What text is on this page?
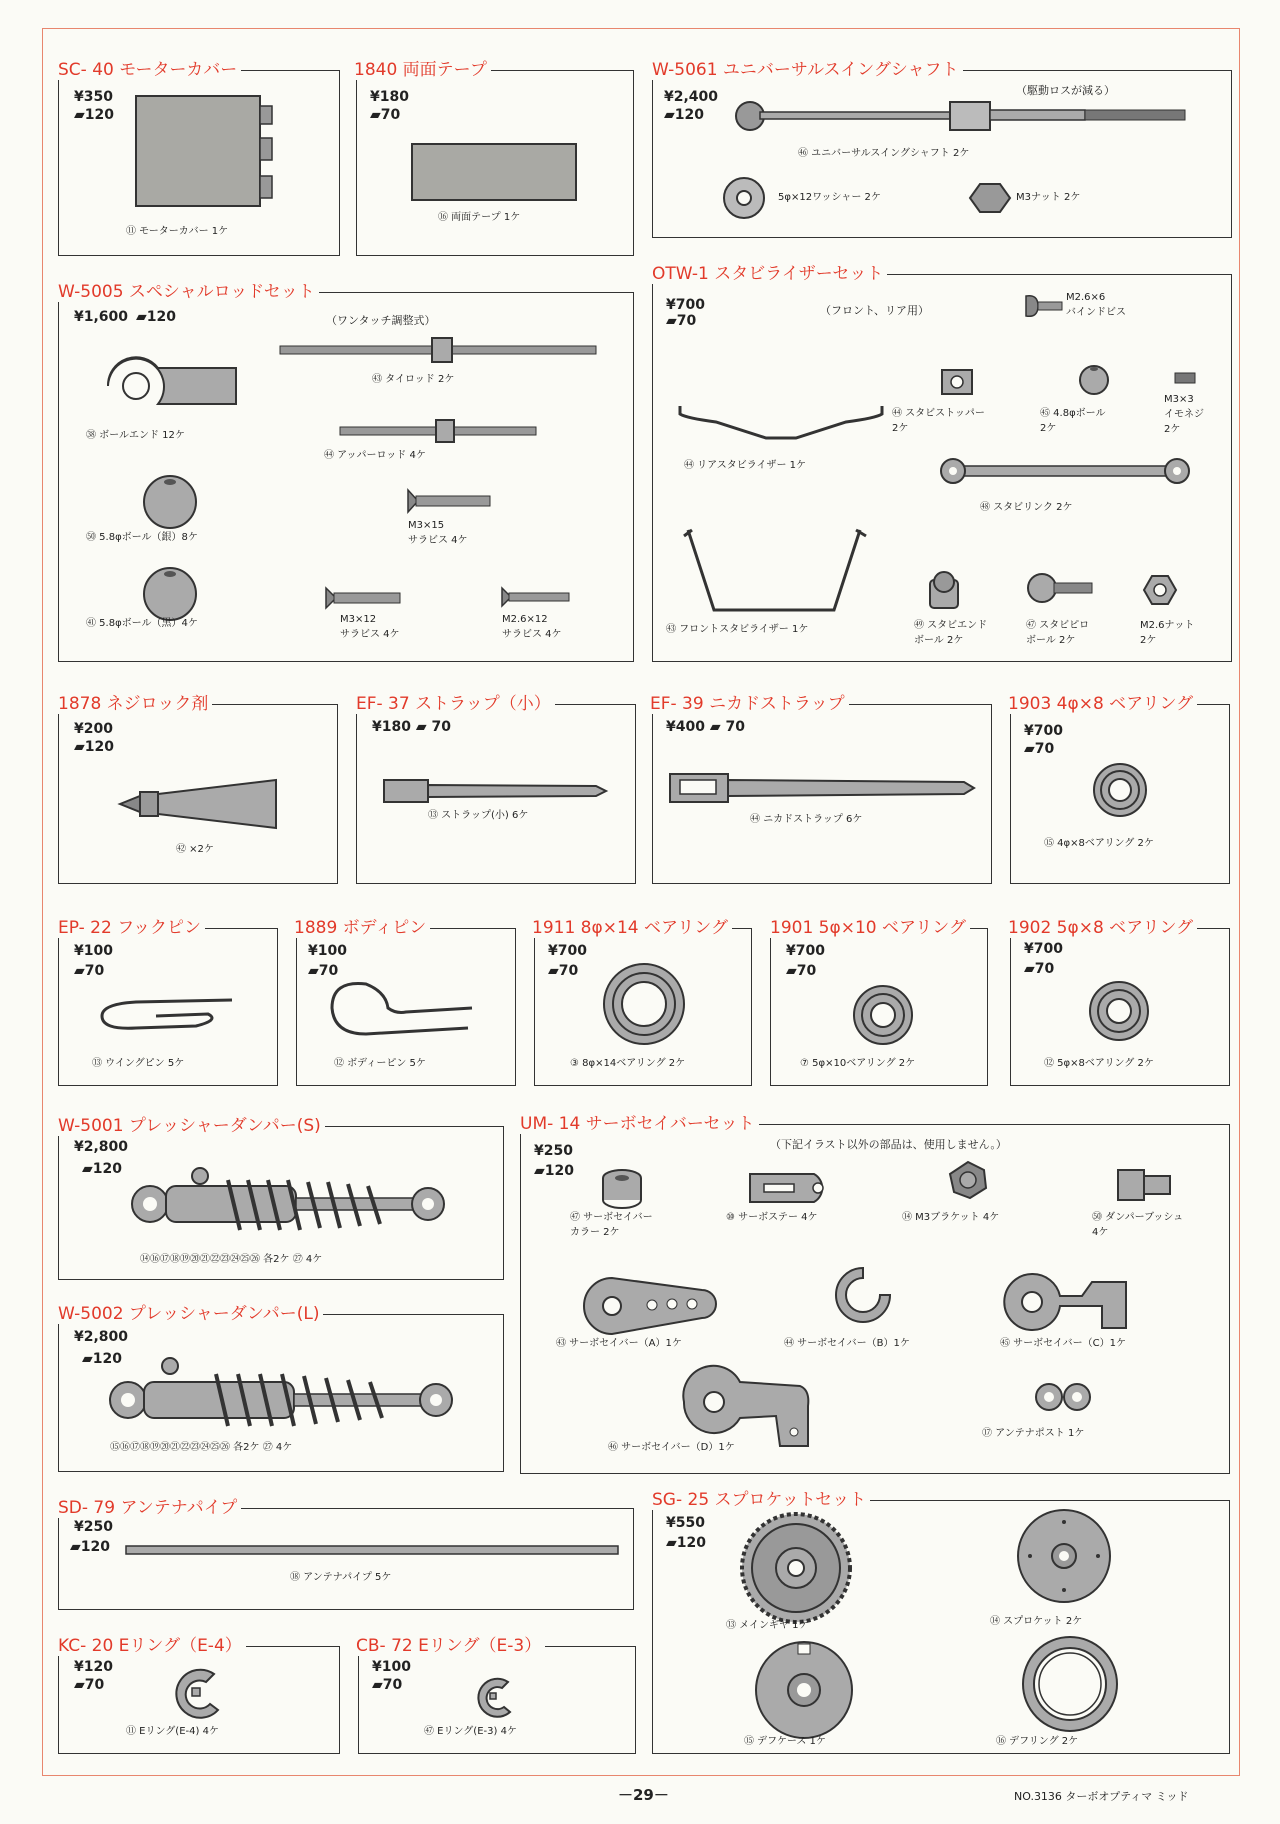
SC- 40 モーターカバー
¥350
▰120
⑪ モーターカバー 1ケ
1840 両面テープ
¥180
▰70
⑯ 両面テープ 1ケ
W-5061 ユニバーサルスイングシャフト
¥2,400
▰120
（駆動ロスが減る）
㊻ ユニバーサルスイングシャフト 2ケ
5φ×12ワッシャー 2ケ	M3ナット 2ケ
W-5005 スペシャルロッドセット
¥1,600 ▰120	（ワンタッチ調整式）
㊸ タイロッド 2ケ
㊹ アッパーロッド 4ケ
㊳ ボールエンド 12ケ
M3×15
サラビス 4ケ
㊿ 5.8φボール（銀）8ケ
㊶ 5.8φボール（黒）4ケ	M3×12
サラビス 4ケ
M2.6×12
サラビス 4ケ
OTW-1 スタビライザーセット
¥700
▰70
（フロント、リア用）
M2.6×6
バインドビス
㊹ スタビストッパー
2ケ
㊺ 4.8φボール
2ケ
M3×3
イモネジ
2ケ
㊹ リアスタビライザー 1ケ
㊽ スタビリンク 2ケ
㊸ フロントスタビライザー 1ケ	㊾ スタビエンド
ボール 2ケ
㊼ スタビピロ
ボール 2ケ
M2.6ナット
2ケ
1878 ネジロック剤
¥200
▰120
㊷ ×2ケ
EF- 37 ストラップ（小）
¥180 ▰ 70
⑬ ストラップ(小) 6ケ
EF- 39 ニカドストラップ
¥400 ▰ 70
㊹ ニカドストラップ 6ケ
1903 4φ×8 ベアリング
¥700
▰70
⑮ 4φ×8ベアリング 2ケ
EP- 22 フックピン
¥100
▰70
⑬ ウイングピン 5ケ
1889 ボディピン
¥100
▰70
⑫ ボディーピン 5ケ
1911 8φ×14 ベアリング
¥700
▰70
③ 8φ×14ベアリング 2ケ
1901 5φ×10 ベアリング
¥700
▰70
⑦ 5φ×10ベアリング 2ケ
1902 5φ×8 ベアリング
¥700
▰70
⑫ 5φ×8ベアリング 2ケ
W-5001 プレッシャーダンパー(S)
¥2,800
▰120
⑭⑯⑰⑱⑲⑳㉑㉒㉓㉔㉕㉖ 各2ケ ㉗ 4ケ
W-5002 プレッシャーダンパー(L)
¥2,800
▰120
⑮⑯⑰⑱⑲⑳㉑㉒㉓㉔㉕㉖ 各2ケ ㉗ 4ケ
UM- 14 サーボセイバーセット
¥250
▰120
（下記イラスト以外の部品は、使用しません。）
㊼ サーボセイバー
カラー 2ケ
⑩ サーボステー 4ケ	⑭ M3ブラケット 4ケ	㊿ ダンパーブッシュ
4ケ
㊸ サーボセイバー（A）1ケ	㊹ サーボセイバー（B）1ケ	㊺ サーボセイバー（C）1ケ
㊻ サーボセイバー（D）1ケ
⑰ アンテナポスト 1ケ
SD- 79 アンテナパイプ
¥250
▰120
⑱ アンテナパイプ 5ケ
SG- 25 スプロケットセット
¥550
▰120
⑬ メインギヤ 1ケ	⑭ スプロケット 2ケ
⑮ デフケース 1ケ	⑯ デフリング 2ケ
KC- 20 Eリング（E-4）
¥120
▰70
⑪ Eリング(E-4) 4ケ
CB- 72 Eリング（E-3）
¥100
▰70
㊼ Eリング(E-3) 4ケ
－29－	NO.3136 ターボオプティマ ミッド
